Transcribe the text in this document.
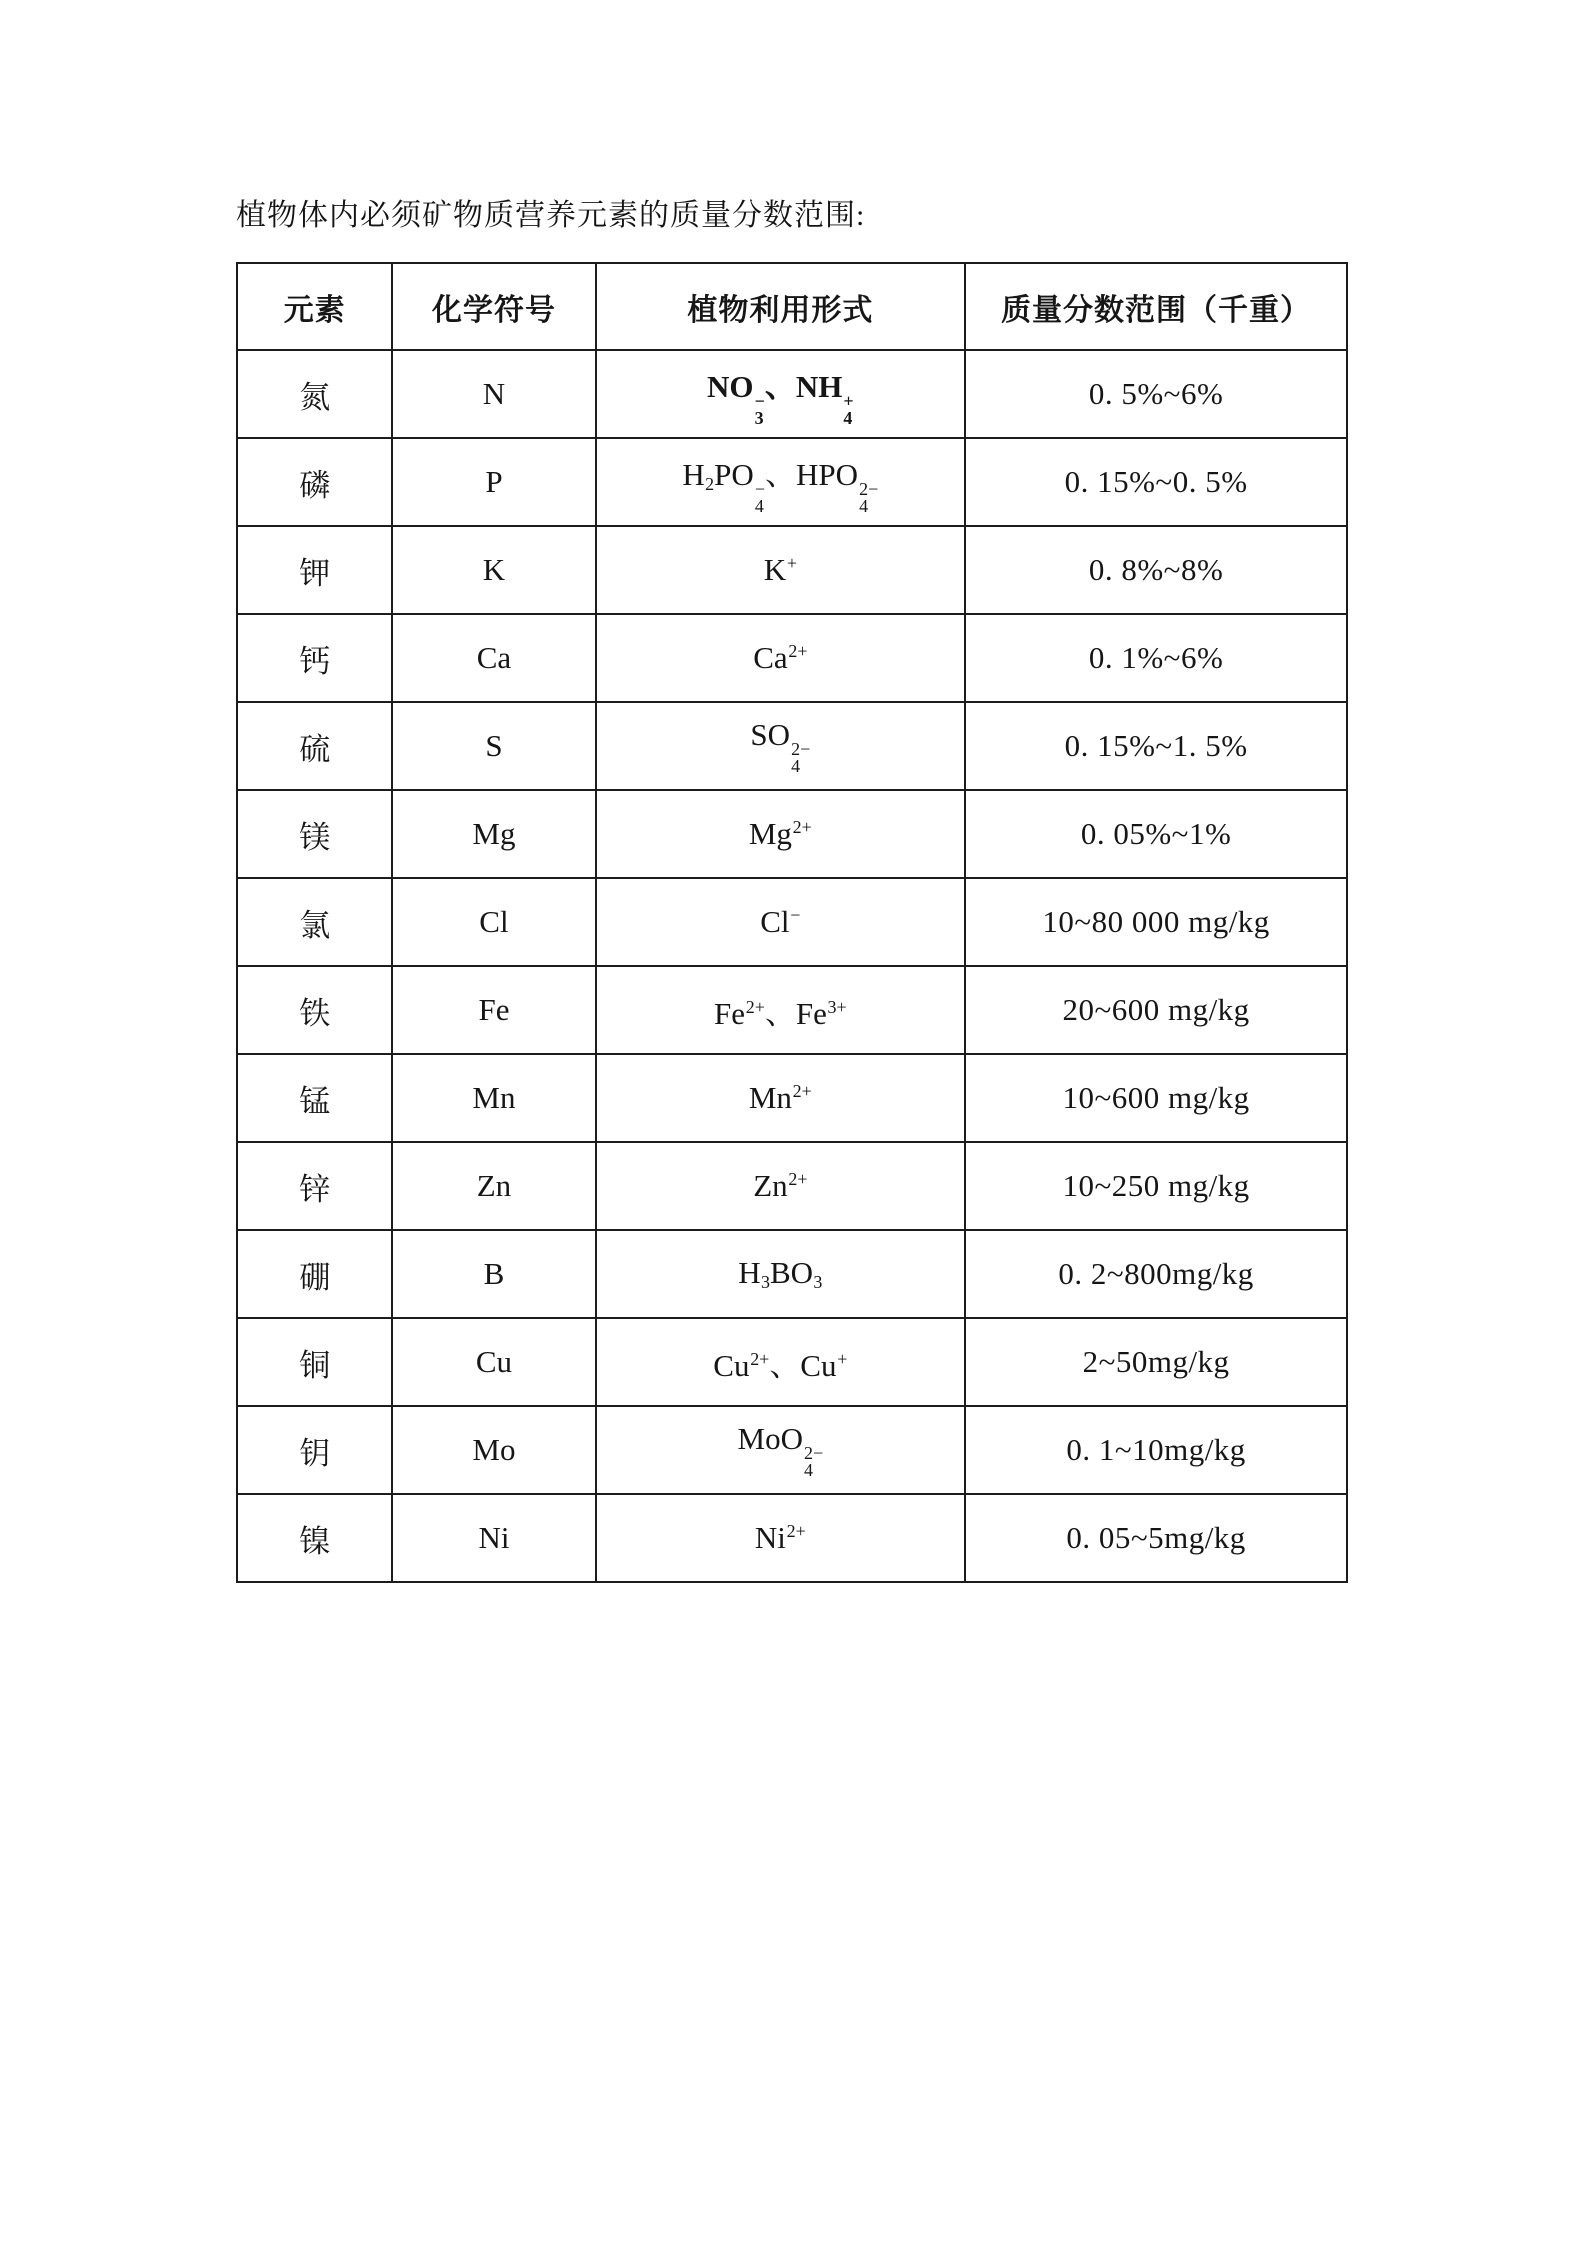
植物体内必须矿物质营养元素的质量分数范围:
元素	化学符号	植物利用形式	质量分数范围（千重）
氮	N	NO −
3
、NH +
4
	0. 5%~6%
磷	P	$H_2PO$ −
4
、HPO 2−
4
	0. 15%~0. 5%
钾	K	K+	0. 8%~8%
钙	Ca	$Ca^{2+}$	0. 1%~6%
硫	S	SO 2−
4	0. 15%~1. 5%
镁	Mg	$Mg^{2+}$	0. 05%~1%
氯	Cl	Cl−	10~80 000 mg/kg
铁	Fe	$Fe^{2+}$、$Fe^{3+}$	20~600 mg/kg
锰	Mn	$Mn^{2+}$	10~600 mg/kg
锌	Zn	$Zn^{2+}$	10~250 mg/kg
硼	B	$H_3BO_3$	0. 2~800mg/kg
铜	Cu	$Cu^{2+}$、Cu+	2~50mg/kg
钥	Mo	MoO 2−
4	0. 1~10mg/kg
镍	Ni	$Ni^{2+}$	0. 05~5mg/kg
